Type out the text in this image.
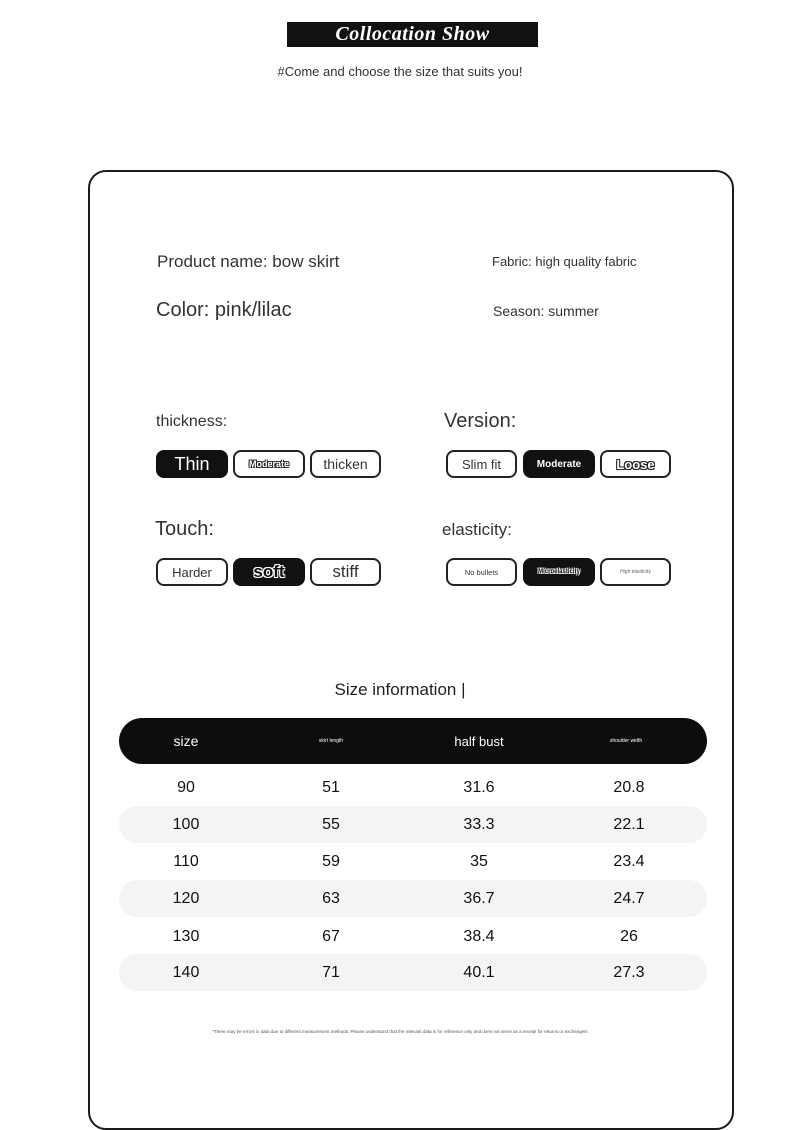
Collocation Show
#Come and choose the size that suits you!
Product name: bow skirt	Fabric: high quality fabric
Color: pink/lilac	Season: summer
thickness:
Thin	Moderate	thicken
Version:
Slim fit	Moderate	Loose
Touch:
Harder	soft	stiff
elasticity:
No bullets	Microelasticity	High elasticity
Size information |
size	skirt length	half bust	shoulder width
90	51	31.6	20.8
100	55	33.3	22.1
110	59	35	23.4
120	63	36.7	24.7
130	67	38.4	26
140	71	40.1	27.3
*There may be errors in data due to different measurement methods. Please understand that the relevant data is for reference only and does not serve as a receipt for returns or exchanges!
